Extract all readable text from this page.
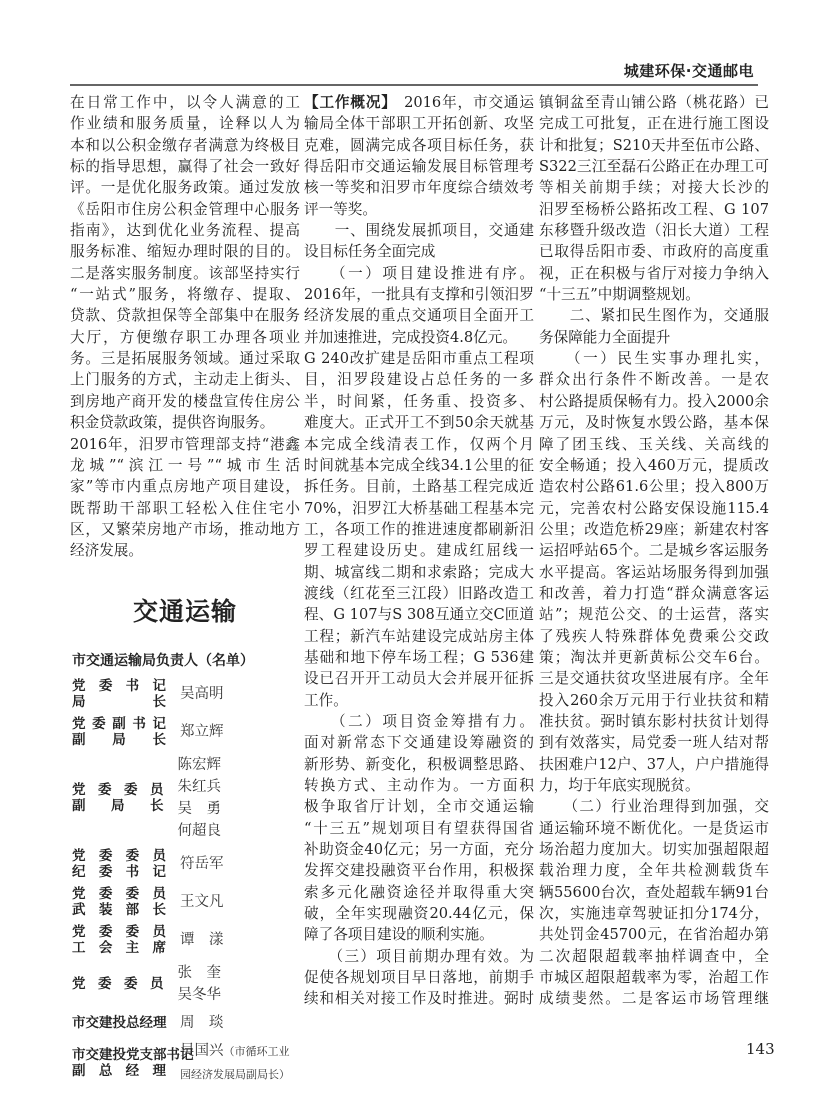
城建环保·交通邮电
在日常工作中，以令人满意的工
作业绩和服务质量，诠释以人为
本和以公积金缴存者满意为终极目
标的指导思想，赢得了社会一致好
评。一是优化服务政策。通过发放
《岳阳市住房公积金管理中心服务
指南》，达到优化业务流程、提高
服务标准、缩短办理时限的目的。
二是落实服务制度。该部坚持实行
“一站式”服务，将缴存、提取、
贷款、贷款担保等全部集中在服务
大厅，方便缴存职工办理各项业
务。三是拓展服务领域。通过采取
上门服务的方式，主动走上街头、
到房地产商开发的楼盘宣传住房公
积金贷款政策，提供咨询服务。
2016年，汨罗市管理部支持“港鑫
龙城”“滨江一号”“城市生活
家”等市内重点房地产项目建设，
既帮助干部职工轻松入住住宅小
区，又繁荣房地产市场，推动地方
经济发展。
交通运输
市交通运输局负责人（名单）
党委书记
局长 吴高明
党委副书记
副局长 郑立辉
党委委员
副局长
陈宏辉朱红兵
吴　勇何超良
党委委员
纪委书记 符岳军
党委委员
武装部长 王文凡
党委委员
工会主席 谭　漾
党委委员
张　奎吴冬华
市交建投总经理 周　琰
市交建投党支部书记
副总经理
吴国兴（市循环工业
园经济发展局副局长）
【工作概况】  2016年，市交通运
输局全体干部职工开拓创新、攻坚
克难，圆满完成各项目标任务，获
得岳阳市交通运输发展目标管理考
核一等奖和汨罗市年度综合绩效考
评一等奖。
　　一、围绕发展抓项目，交通建
设目标任务全面完成
　　（一）项目建设推进有序。
2016年，一批具有支撑和引领汨罗
经济发展的重点交通项目全面开工
并加速推进，完成投资4.8亿元。
G 240改扩建是岳阳市重点工程项
目，汨罗段建设占总任务的一多
半，时间紧，任务重、投资多、
难度大。正式开工不到50余天就基
本完成全线清表工作，仅两个月
时间就基本完成全线34.1公里的征
拆任务。目前，土路基工程完成近
70%，汨罗江大桥基础工程基本完
工，各项工作的推进速度都刷新汨
罗工程建设历史。建成红屈线一
期、城富线二期和求索路；完成大
渡线（红花至三江段）旧路改造工
程、G 107与S 308互通立交C匝道
工程；新汽车站建设完成站房主体
基础和地下停车场工程；G 536建
设已召开开工动员大会并展开征拆
工作。
　　（二）项目资金筹措有力。
面对新常态下交通建设筹融资的
新形势、新变化，积极调整思路、
转换方式、主动作为。一方面积
极争取省厅计划，全市交通运输
“十三五”规划项目有望获得国省
补助资金40亿元；另一方面，充分
发挥交建投融资平台作用，积极探
索多元化融资途径并取得重大突
破，全年实现融资20.44亿元，保
障了各项目建设的顺利实施。
　　（三）项目前期办理有效。为
促使各规划项目早日落地，前期手
续和相关对接工作及时推进。弼时
镇铜盆至青山铺公路（桃花路）已
完成工可批复，正在进行施工图设
计和批复；S210天井至伍市公路、
S322三江至磊石公路正在办理工可
等相关前期手续；对接大长沙的
汨罗至杨桥公路拓改工程、G 107
东移暨升级改造（汨长大道）工程
已取得岳阳市委、市政府的高度重
视，正在积极与省厅对接力争纳入
“十三五”中期调整规划。
　　二、紧扣民生图作为，交通服
务保障能力全面提升
　　（一）民生实事办理扎实，
群众出行条件不断改善。一是农
村公路提质保畅有力。投入2000余
万元，及时恢复水毁公路，基本保
障了团玉线、玉关线、关高线的
安全畅通；投入460万元，提质改
造农村公路61.6公里；投入800万
元，完善农村公路安保设施115.4
公里；改造危桥29座；新建农村客
运招呼站65个。二是城乡客运服务
水平提高。客运站场服务得到加强
和改善，着力打造“群众满意客运
站”；规范公交、的士运营，落实
了残疾人特殊群体免费乘公交政
策；淘汰并更新黄标公交车6台。
三是交通扶贫攻坚进展有序。全年
投入260余万元用于行业扶贫和精
准扶贫。弼时镇东影村扶贫计划得
到有效落实，局党委一班人结对帮
扶困难户12户、37人，户户措施得
力，均于年底实现脱贫。
　　（二）行业治理得到加强，交
通运输环境不断优化。一是货运市
场治超力度加大。切实加强超限超
载治理力度，全年共检测载货车
辆55600台次，查处超载车辆91台
次，实施违章驾驶证扣分174分，
共处罚金45700元，在省治超办第
二次超限超载率抽样调查中，全
市城区超限超载率为零，治超工作
成绩斐然。二是客运市场管理继
143
